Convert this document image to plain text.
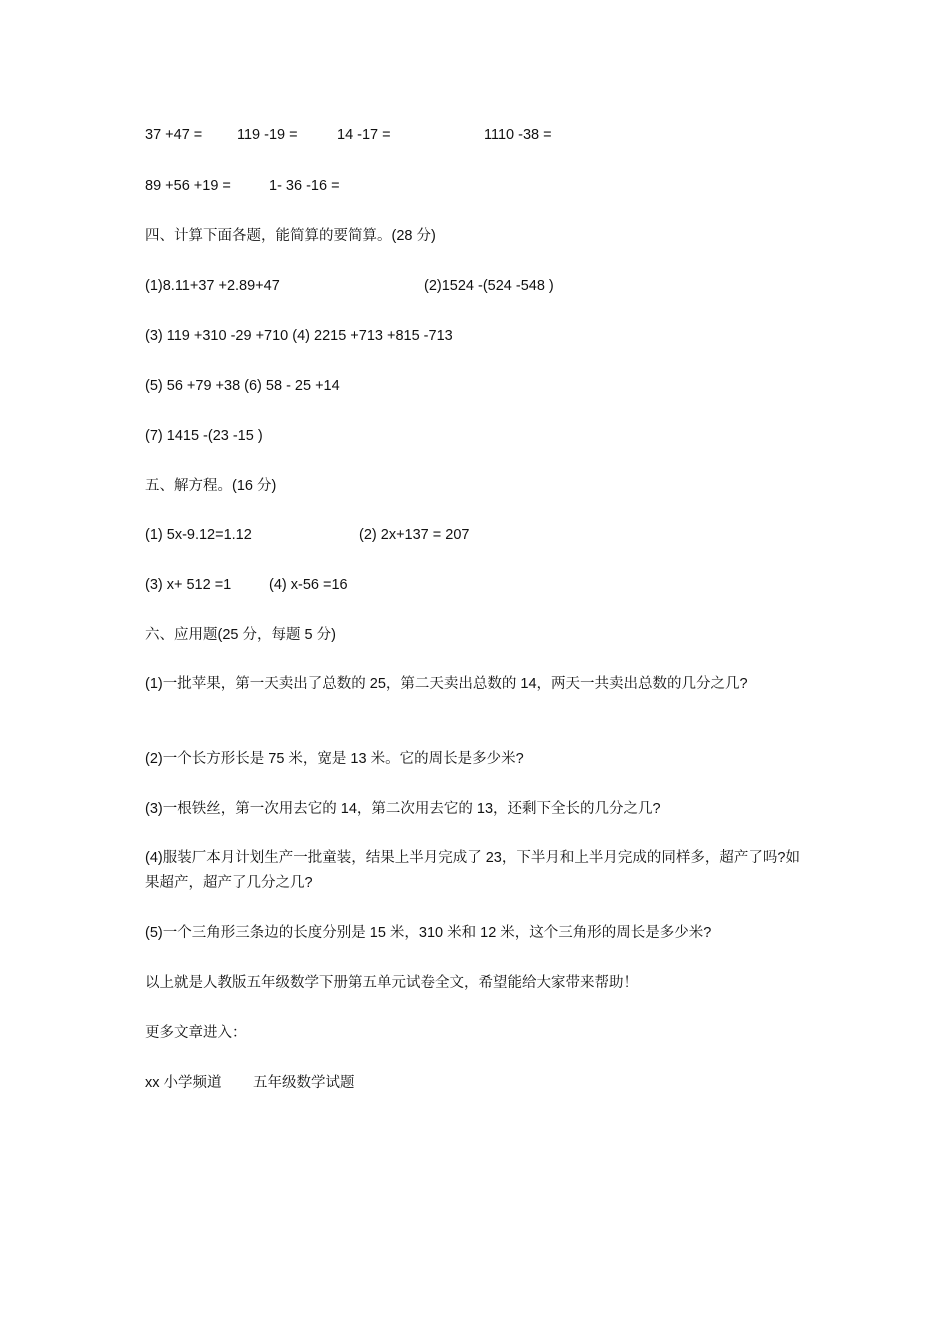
37 +47 = 119 -19 =	14 -17 =	1110 -38 =
89 +56 +19 =	1- 36 -16 =
四、计算下面各题，能简算的要简算。(28 分)
(1)8.11+37 +2.89+47	(2)1524 -(524 -548 )
(3) 119 +310 -29 +710 (4) 2215 +713 +815 -713
(5) 56 +79 +38 (6) 58 - 25 +14
(7) 1415 -(23 -15 )
五、解方程。(16 分)
(1) 5x-9.12=1.12	(2) 2x+137 = 207
(3) x+ 512 =1	(4) x-56 =16
六、应用题(25 分，每题 5 分)
(1)一批苹果，第一天卖出了总数的 25，第二天卖出总数的 14，两天一共卖出总数的几分之几?
(2)一个长方形长是 75 米，宽是 13 米。它的周长是多少米?
(3)一根铁丝，第一次用去它的 14，第二次用去它的 13，还剩下全长的几分之几?
(4)服装厂本月计划生产一批童装，结果上半月完成了 23，下半月和上半月完成的同样多，超产了吗?如果超产，超产了几分之几?
(5)一个三角形三条边的长度分别是 15 米，310 米和 12 米，这个三角形的周长是多少米?
以上就是人教版五年级数学下册第五单元试卷全文，希望能给大家带来帮助！
更多文章进入：
xx 小学频道 五年级数学试题
